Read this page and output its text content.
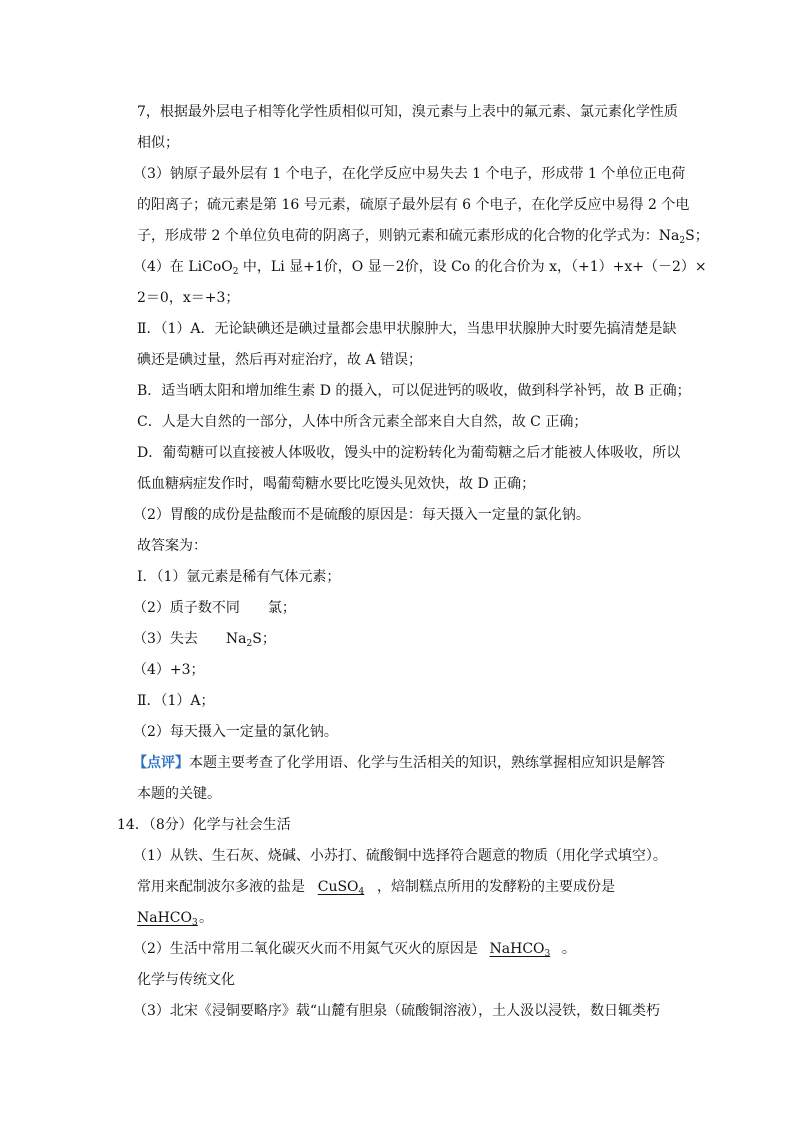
7，根据最外层电子相等化学性质相似可知，溴元素与上表中的氟元素、氯元素化学性质
相似；
（3）钠原子最外层有 1 个电子，在化学反应中易失去 1 个电子，形成带 1 个单位正电荷
的阳离子；硫元素是第 16 号元素，硫原子最外层有 6 个电子，在化学反应中易得 2 个电
子，形成带 2 个单位负电荷的阴离子，则钠元素和硫元素形成的化合物的化学式为：$Na_2S$；
（4）在 LiCoO$_2$ 中，Li 显+1价，O 显－2价，设 Co 的化合价为 x，（+1）+x+（－2）×
2＝0，x＝+3；
Ⅱ．（1）A．无论缺碘还是碘过量都会患甲状腺肿大，当患甲状腺肿大时要先搞清楚是缺
碘还是碘过量，然后再对症治疗，故 A 错误；
B．适当晒太阳和增加维生素 D 的摄入，可以促进钙的吸收，做到科学补钙，故 B 正确；
C．人是大自然的一部分，人体中所含元素全部来自大自然，故 C 正确；
D．葡萄糖可以直接被人体吸收，馒头中的淀粉转化为葡萄糖之后才能被人体吸收，所以
低血糖病症发作时，喝葡萄糖水要比吃馒头见效快，故 D 正确；
（2）胃酸的成份是盐酸而不是硫酸的原因是：每天摄入一定量的氯化钠。
故答案为：
Ⅰ．（1）氩元素是稀有气体元素；
（2）质子数不同　　氯；
（3）失去　　$Na_2S$；
（4）+3；
Ⅱ．（1）A；
（2）每天摄入一定量的氯化钠。
【点评】本题主要考查了化学用语、化学与生活相关的知识，熟练掌握相应知识是解答
本题的关键。
14．（8分）化学与社会生活
（1）从铁、生石灰、烧碱、小苏打、硫酸铜中选择符合题意的物质（用化学式填空）。
常用来配制波尔多液的盐是 CuSO$_4$ ，焙制糕点所用的发酵粉的主要成份是
NaHCO$_3$。
（2）生活中常用二氧化碳灭火而不用氮气灭火的原因是 NaHCO$_3$ 。
化学与传统文化
（3）北宋《浸铜要略序》载“山麓有胆泉（硫酸铜溶液），土人汲以浸铁，数日辄类朽
